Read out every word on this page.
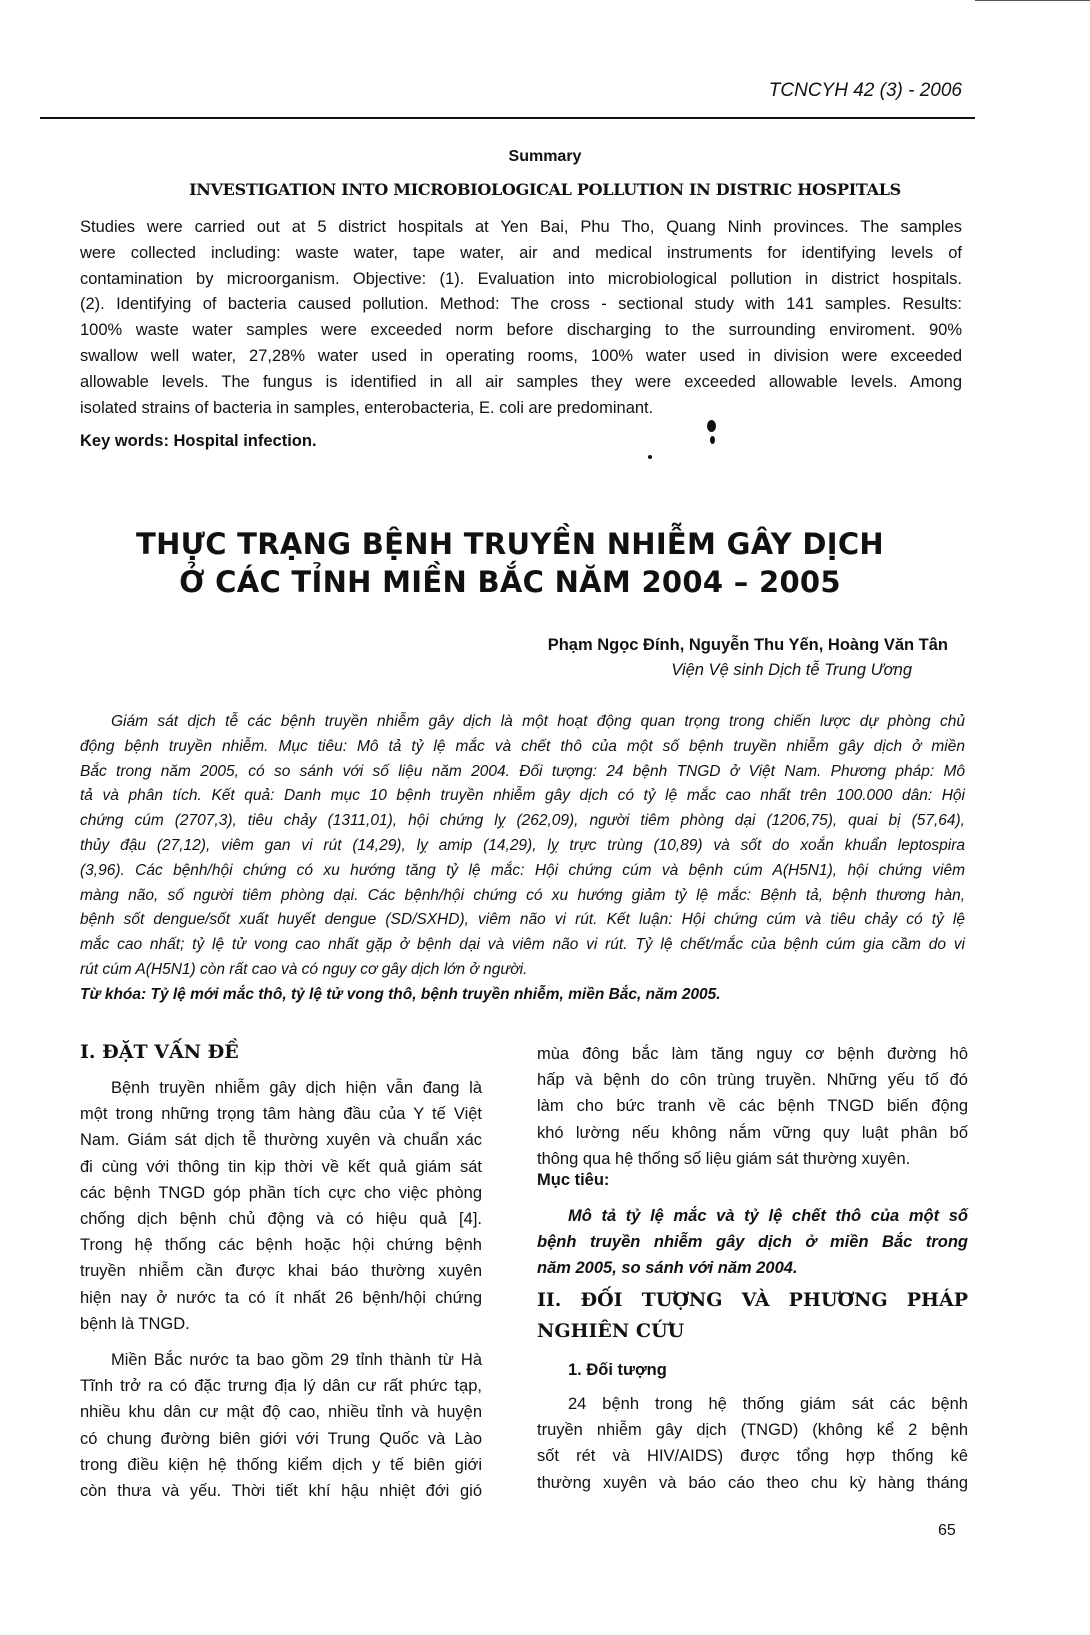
TCNCYH 42 (3) - 2006
Summary
INVESTIGATION INTO MICROBIOLOGICAL POLLUTION IN DISTRIC HOSPITALS
Studies were carried out at 5 district hospitals at Yen Bai, Phu Tho, Quang Ninh provinces. The samples
were collected including: waste water, tape water, air and medical instruments for identifying levels of
contamination by microorganism. Objective: (1). Evaluation into microbiological pollution in district hospitals.
(2). Identifying of bacteria caused pollution. Method: The cross - sectional study with 141 samples. Results:
100% waste water samples were exceeded norm before discharging to the surrounding enviroment. 90%
swallow well water, 27,28% water used in operating rooms, 100% water used in division were exceeded
allowable levels. The fungus is identified in all air samples they were exceeded allowable levels. Among
isolated strains of bacteria in samples, enterobacteria, E. coli are predominant.
Key words: Hospital infection.
THỰC TRẠNG BỆNH TRUYỀN NHIỄM GÂY DỊCH
Ở CÁC TỈNH MIỀN BẮC NĂM 2004 – 2005
Phạm Ngọc Đính, Nguyễn Thu Yến, Hoàng Văn Tân
Viện Vệ sinh Dịch tễ Trung Ương
Giám sát dịch tễ các bệnh truyền nhiễm gây dịch là một hoạt động quan trọng trong chiến lược dự phòng chủ
động bệnh truyền nhiễm. Mục tiêu: Mô tả tỷ lệ mắc và chết thô của một số bệnh truyền nhiễm gây dịch ở miền
Bắc trong năm 2005, có so sánh với số liệu năm 2004. Đối tượng: 24 bệnh TNGD ở Việt Nam. Phương pháp: Mô
tả và phân tích. Kết quả: Danh mục 10 bệnh truyền nhiễm gây dịch có tỷ lệ mắc cao nhất trên 100.000 dân: Hội
chứng cúm (2707,3), tiêu chảy (1311,01), hội chứng lỵ (262,09), người tiêm phòng dại (1206,75), quai bị (57,64),
thủy đậu (27,12), viêm gan vi rút (14,29), lỵ amip (14,29), lỵ trực trùng (10,89) và sốt do xoắn khuẩn leptospira
(3,96). Các bệnh/hội chứng có xu hướng tăng tỷ lệ mắc: Hội chứng cúm và bệnh cúm A(H5N1), hội chứng viêm
màng não, số người tiêm phòng dại. Các bệnh/hội chứng có xu hướng giảm tỷ lệ mắc: Bệnh tả, bệnh thương hàn,
bệnh sốt dengue/sốt xuất huyết dengue (SD/SXHD), viêm não vi rút. Kết luận: Hội chứng cúm và tiêu chảy có tỷ lệ
mắc cao nhất; tỷ lệ tử vong cao nhất gặp ở bệnh dại và viêm não vi rút. Tỷ lệ chết/mắc của bệnh cúm gia cầm do vi
rút cúm A(H5N1) còn rất cao và có nguy cơ gây dịch lớn ở người.
Từ khóa: Tỷ lệ mới mắc thô, tỷ lệ tử vong thô, bệnh truyền nhiễm, miền Bắc, năm 2005.
I. ĐẶT VẤN ĐỀ
Bệnh truyền nhiễm gây dịch hiện vẫn đang là
một trong những trọng tâm hàng đầu của Y tế Việt
Nam. Giám sát dịch tễ thường xuyên và chuẩn xác
đi cùng với thông tin kịp thời về kết quả giám sát
các bệnh TNGD góp phần tích cực cho việc phòng
chống dịch bệnh chủ động và có hiệu quả [4].
Trong hệ thống các bệnh hoặc hội chứng bệnh
truyền nhiễm cần được khai báo thường xuyên
hiện nay ở nước ta có ít nhất 26 bệnh/hội chứng
bệnh là TNGD.
Miền Bắc nước ta bao gồm 29 tỉnh thành từ Hà
Tĩnh trở ra có đặc trưng địa lý dân cư rất phức tạp,
nhiều khu dân cư mật độ cao, nhiều tỉnh và huyện
có chung đường biên giới với Trung Quốc và Lào
trong điều kiện hệ thống kiểm dịch y tế biên giới
còn thưa và yếu. Thời tiết khí hậu nhiệt đới gió
mùa đông bắc làm tăng nguy cơ bệnh đường hô
hấp và bệnh do côn trùng truyền. Những yếu tố đó
làm cho bức tranh về các bệnh TNGD biến động
khó lường nếu không nắm vững quy luật phân bố
thông qua hệ thống số liệu giám sát thường xuyên.
Mục tiêu:
Mô tả tỷ lệ mắc và tỷ lệ chết thô của một số
bệnh truyền nhiễm gây dịch ở miền Bắc trong
năm 2005, so sánh với năm 2004.
II. ĐỐI TƯỢNG VÀ PHƯƠNG PHÁP
NGHIÊN CỨU
1. Đối tượng
24 bệnh trong hệ thống giám sát các bệnh
truyền nhiễm gây dịch (TNGD) (không kể 2 bệnh
sốt rét và HIV/AIDS) được tổng hợp thống kê
thường xuyên và báo cáo theo chu kỳ hàng tháng
65
